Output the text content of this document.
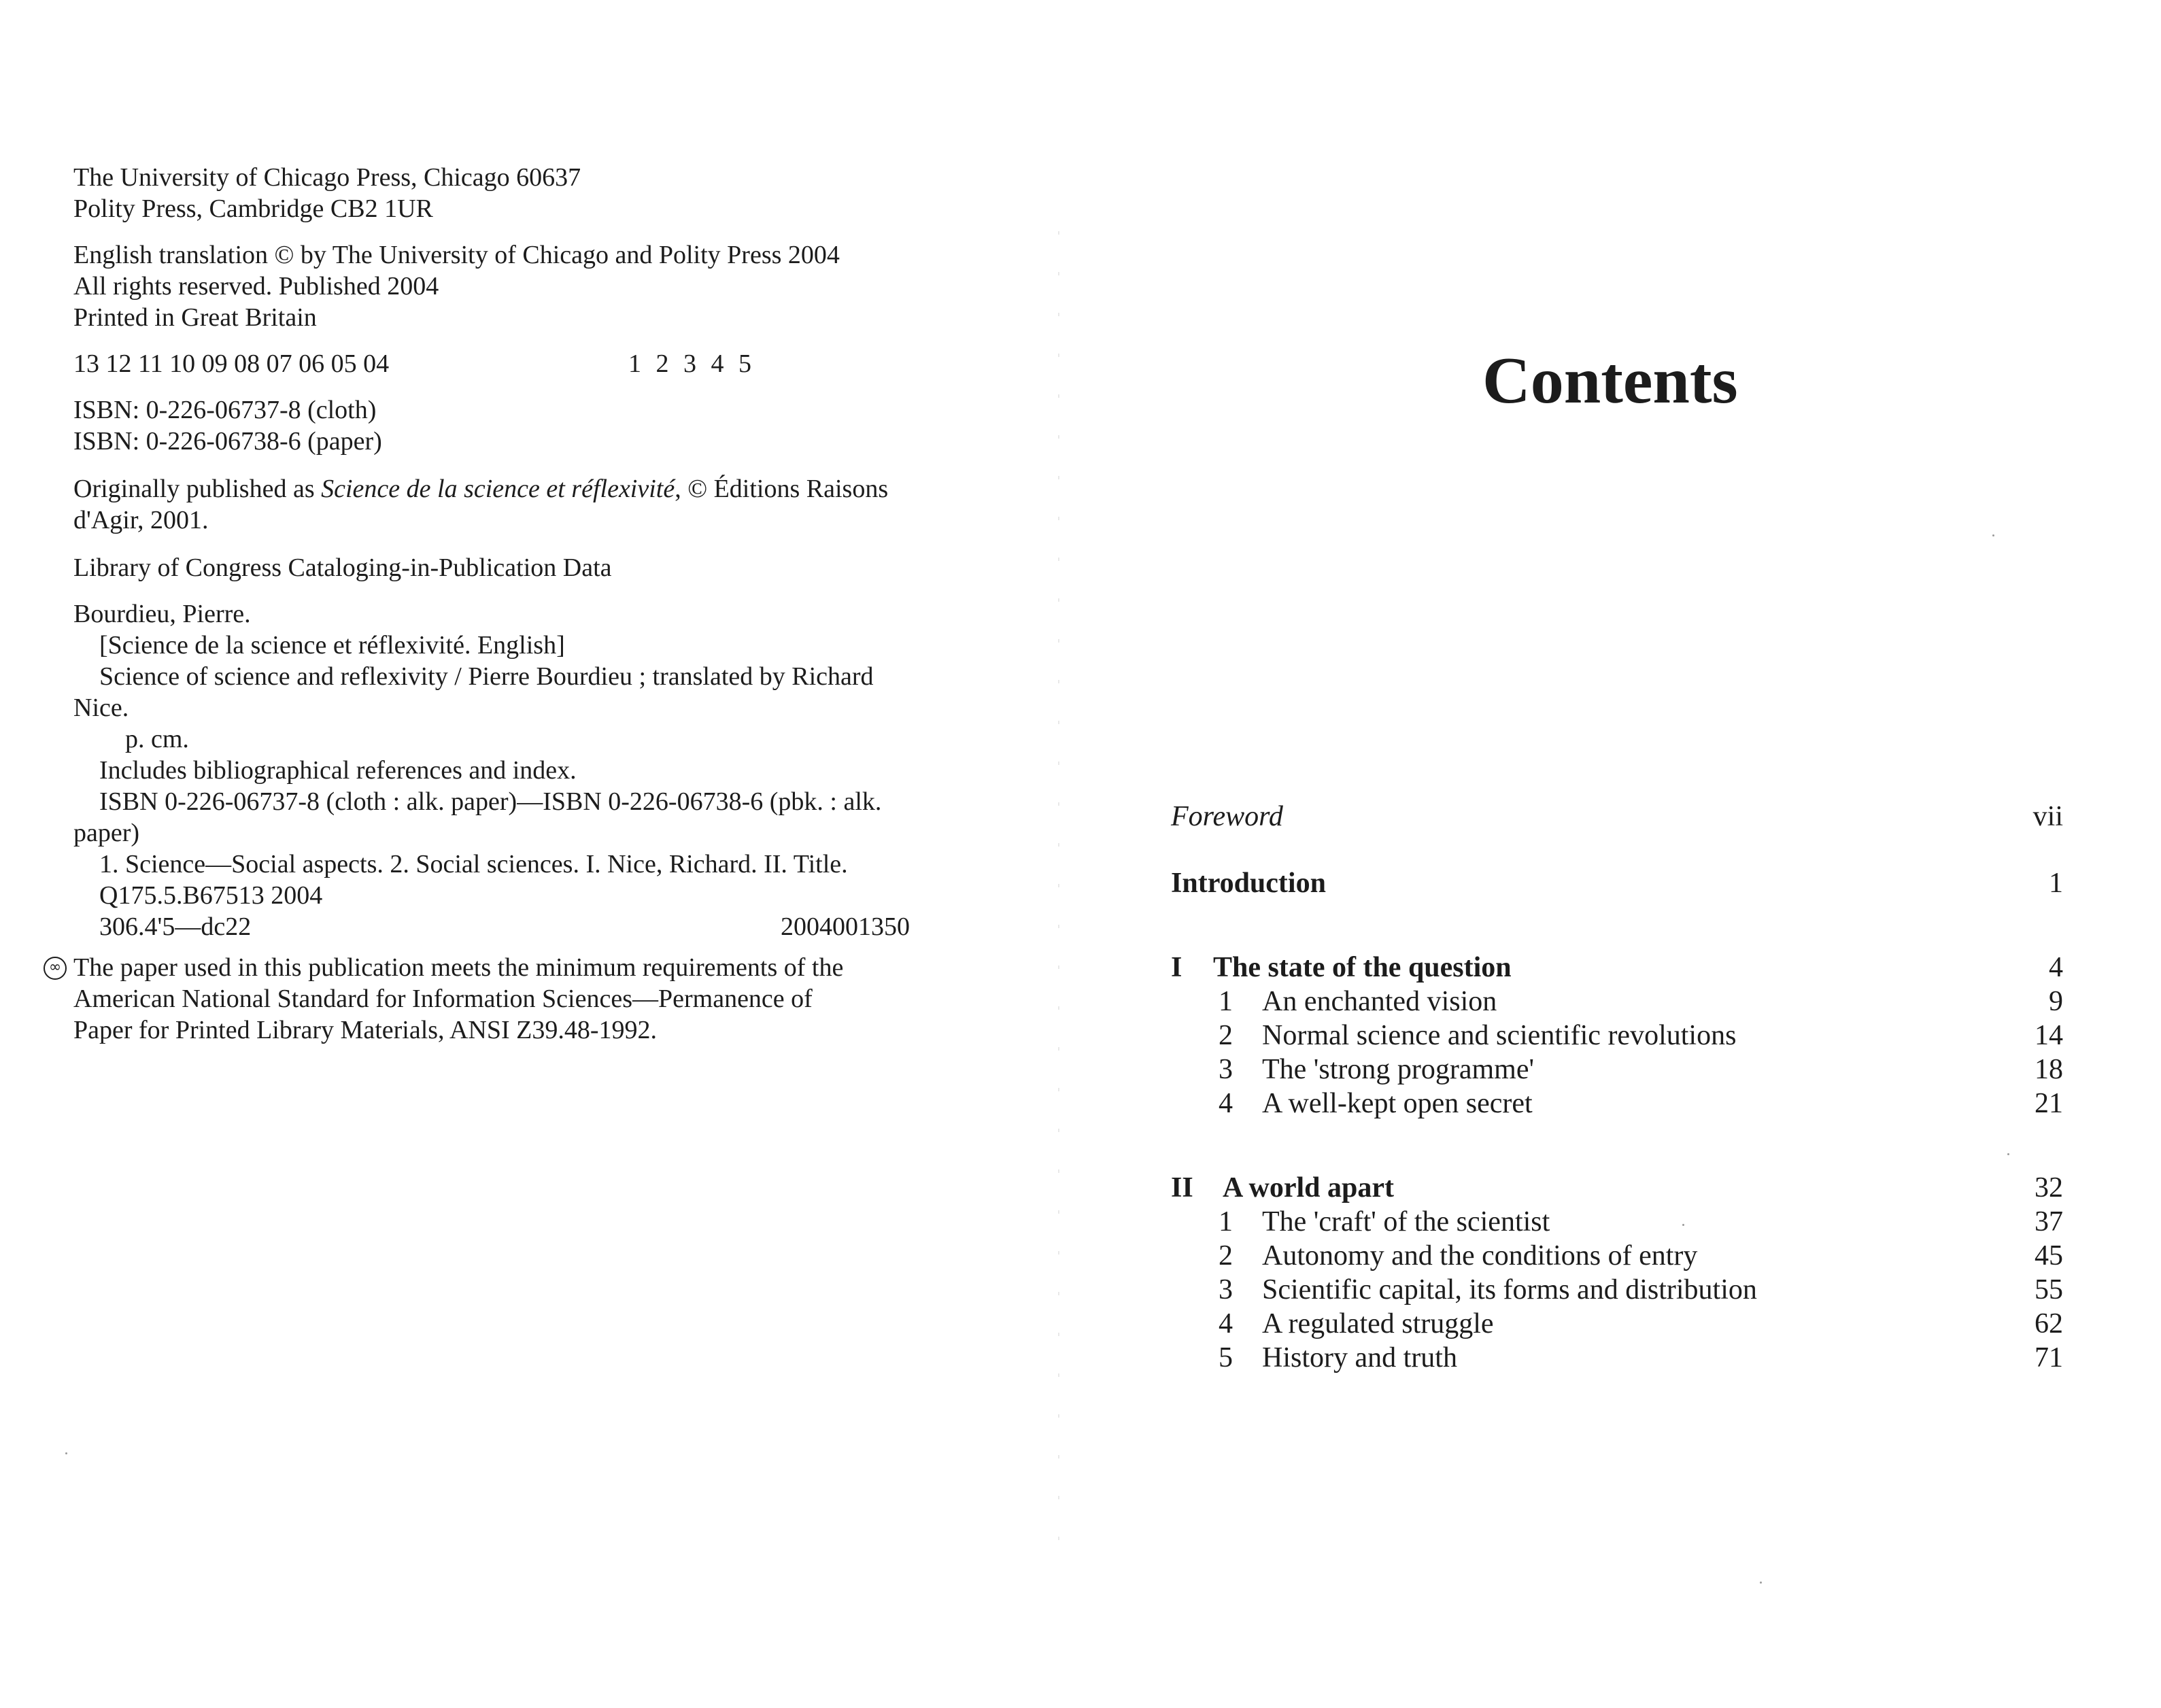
The University of Chicago Press, Chicago 60637
Polity Press, Cambridge CB2 1UR
English translation © by The University of Chicago and Polity Press 2004
All rights reserved. Published 2004
Printed in Great Britain
13 12 11 10 09 08 07 06 05 04	1 2 3 4 5
ISBN: 0-226-06737-8 (cloth)
ISBN: 0-226-06738-6 (paper)
Originally published as Science de la science et réflexivité, © Éditions Raisons
d'Agir, 2001.
Library of Congress Cataloging-in-Publication Data
Bourdieu, Pierre.
[Science de la science et réflexivité. English]
Science of science and reflexivity / Pierre Bourdieu ; translated by Richard
Nice.
p. cm.
Includes bibliographical references and index.
ISBN 0-226-06737-8 (cloth : alk. paper)—ISBN 0-226-06738-6 (pbk. : alk.
paper)
1. Science—Social aspects. 2. Social sciences. I. Nice, Richard. II. Title.
Q175.5.B67513 2004
306.4'5—dc22	2004001350
∞ The paper used in this publication meets the minimum requirements of the
American National Standard for Information Sciences—Permanence of
Paper for Printed Library Materials, ANSI Z39.48-1992.
Contents
Foreword	vii
Introduction	1
I The state of the question	4
1 An enchanted vision	9
2 Normal science and scientific revolutions	14
3 The 'strong programme'	18
4 A well-kept open secret	21
II A world apart	32
1 The 'craft' of the scientist	37
2 Autonomy and the conditions of entry	45
3 Scientific capital, its forms and distribution	55
4 A regulated struggle	62
5 History and truth	71
